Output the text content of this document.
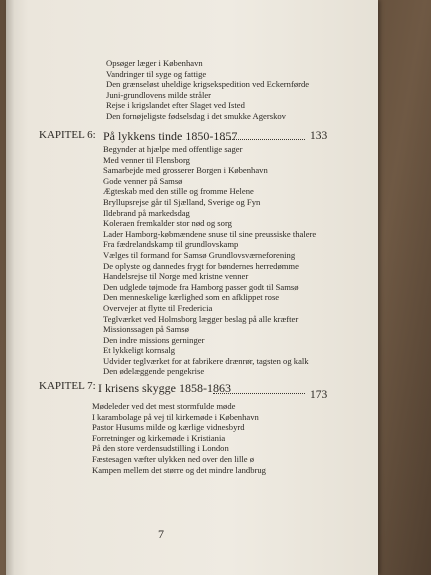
Opsøger læger i København
Vandringer til syge og fattige
Den grænseløst uheldige krigsekspedition ved Eckernførde
Juni-grundlovens milde stråler
Rejse i krigslandet efter Slaget ved Isted
Den fornøjeligste fødselsdag i det smukke Agerskov
KAPITEL 6: På lykkens tinde 1850-1857	133
Begynder at hjælpe med offentlige sager
Med venner til Flensborg
Samarbejde med grosserer Borgen i København
Gode venner på Samsø
Ægteskab med den stille og fromme Helene
Bryllupsrejse går til Sjælland, Sverige og Fyn
Ildebrand på markedsdag
Koleraen fremkalder stor nød og sorg
Lader Hamborg-købmændene snuse til sine preussiske thalere
Fra fædrelandskamp til grundlovskamp
Vælges til formand for Samsø Grundlovsværneforening
De oplyste og dannedes frygt for bøndernes herredømme
Handelsrejse til Norge med kristne venner
Den udglede tøjmode fra Hamborg passer godt til Samsø
Den menneskelige kærlighed som en afklippet rose
Overvejer at flytte til Fredericia
Teglværket ved Holmsborg lægger beslag på alle kræfter
Missionssagen på Samsø
Den indre missions gerninger
Et lykkeligt kornsalg
Udvider teglværket for at fabrikere drænrør, tagsten og kalk
Den ødelæggende pengekrise
KAPITEL 7: I krisens skygge 1858-1863	173
Mødeleder ved det mest stormfulde møde
I karambolage på vej til kirkemøde i København
Pastor Husums milde og kærlige vidnesbyrd
Forretninger og kirkemøde i Kristiania
På den store verdensudstilling i London
Fæstesagen væfter ulykken ned over den lille ø
Kampen mellem det større og det mindre landbrug
7
